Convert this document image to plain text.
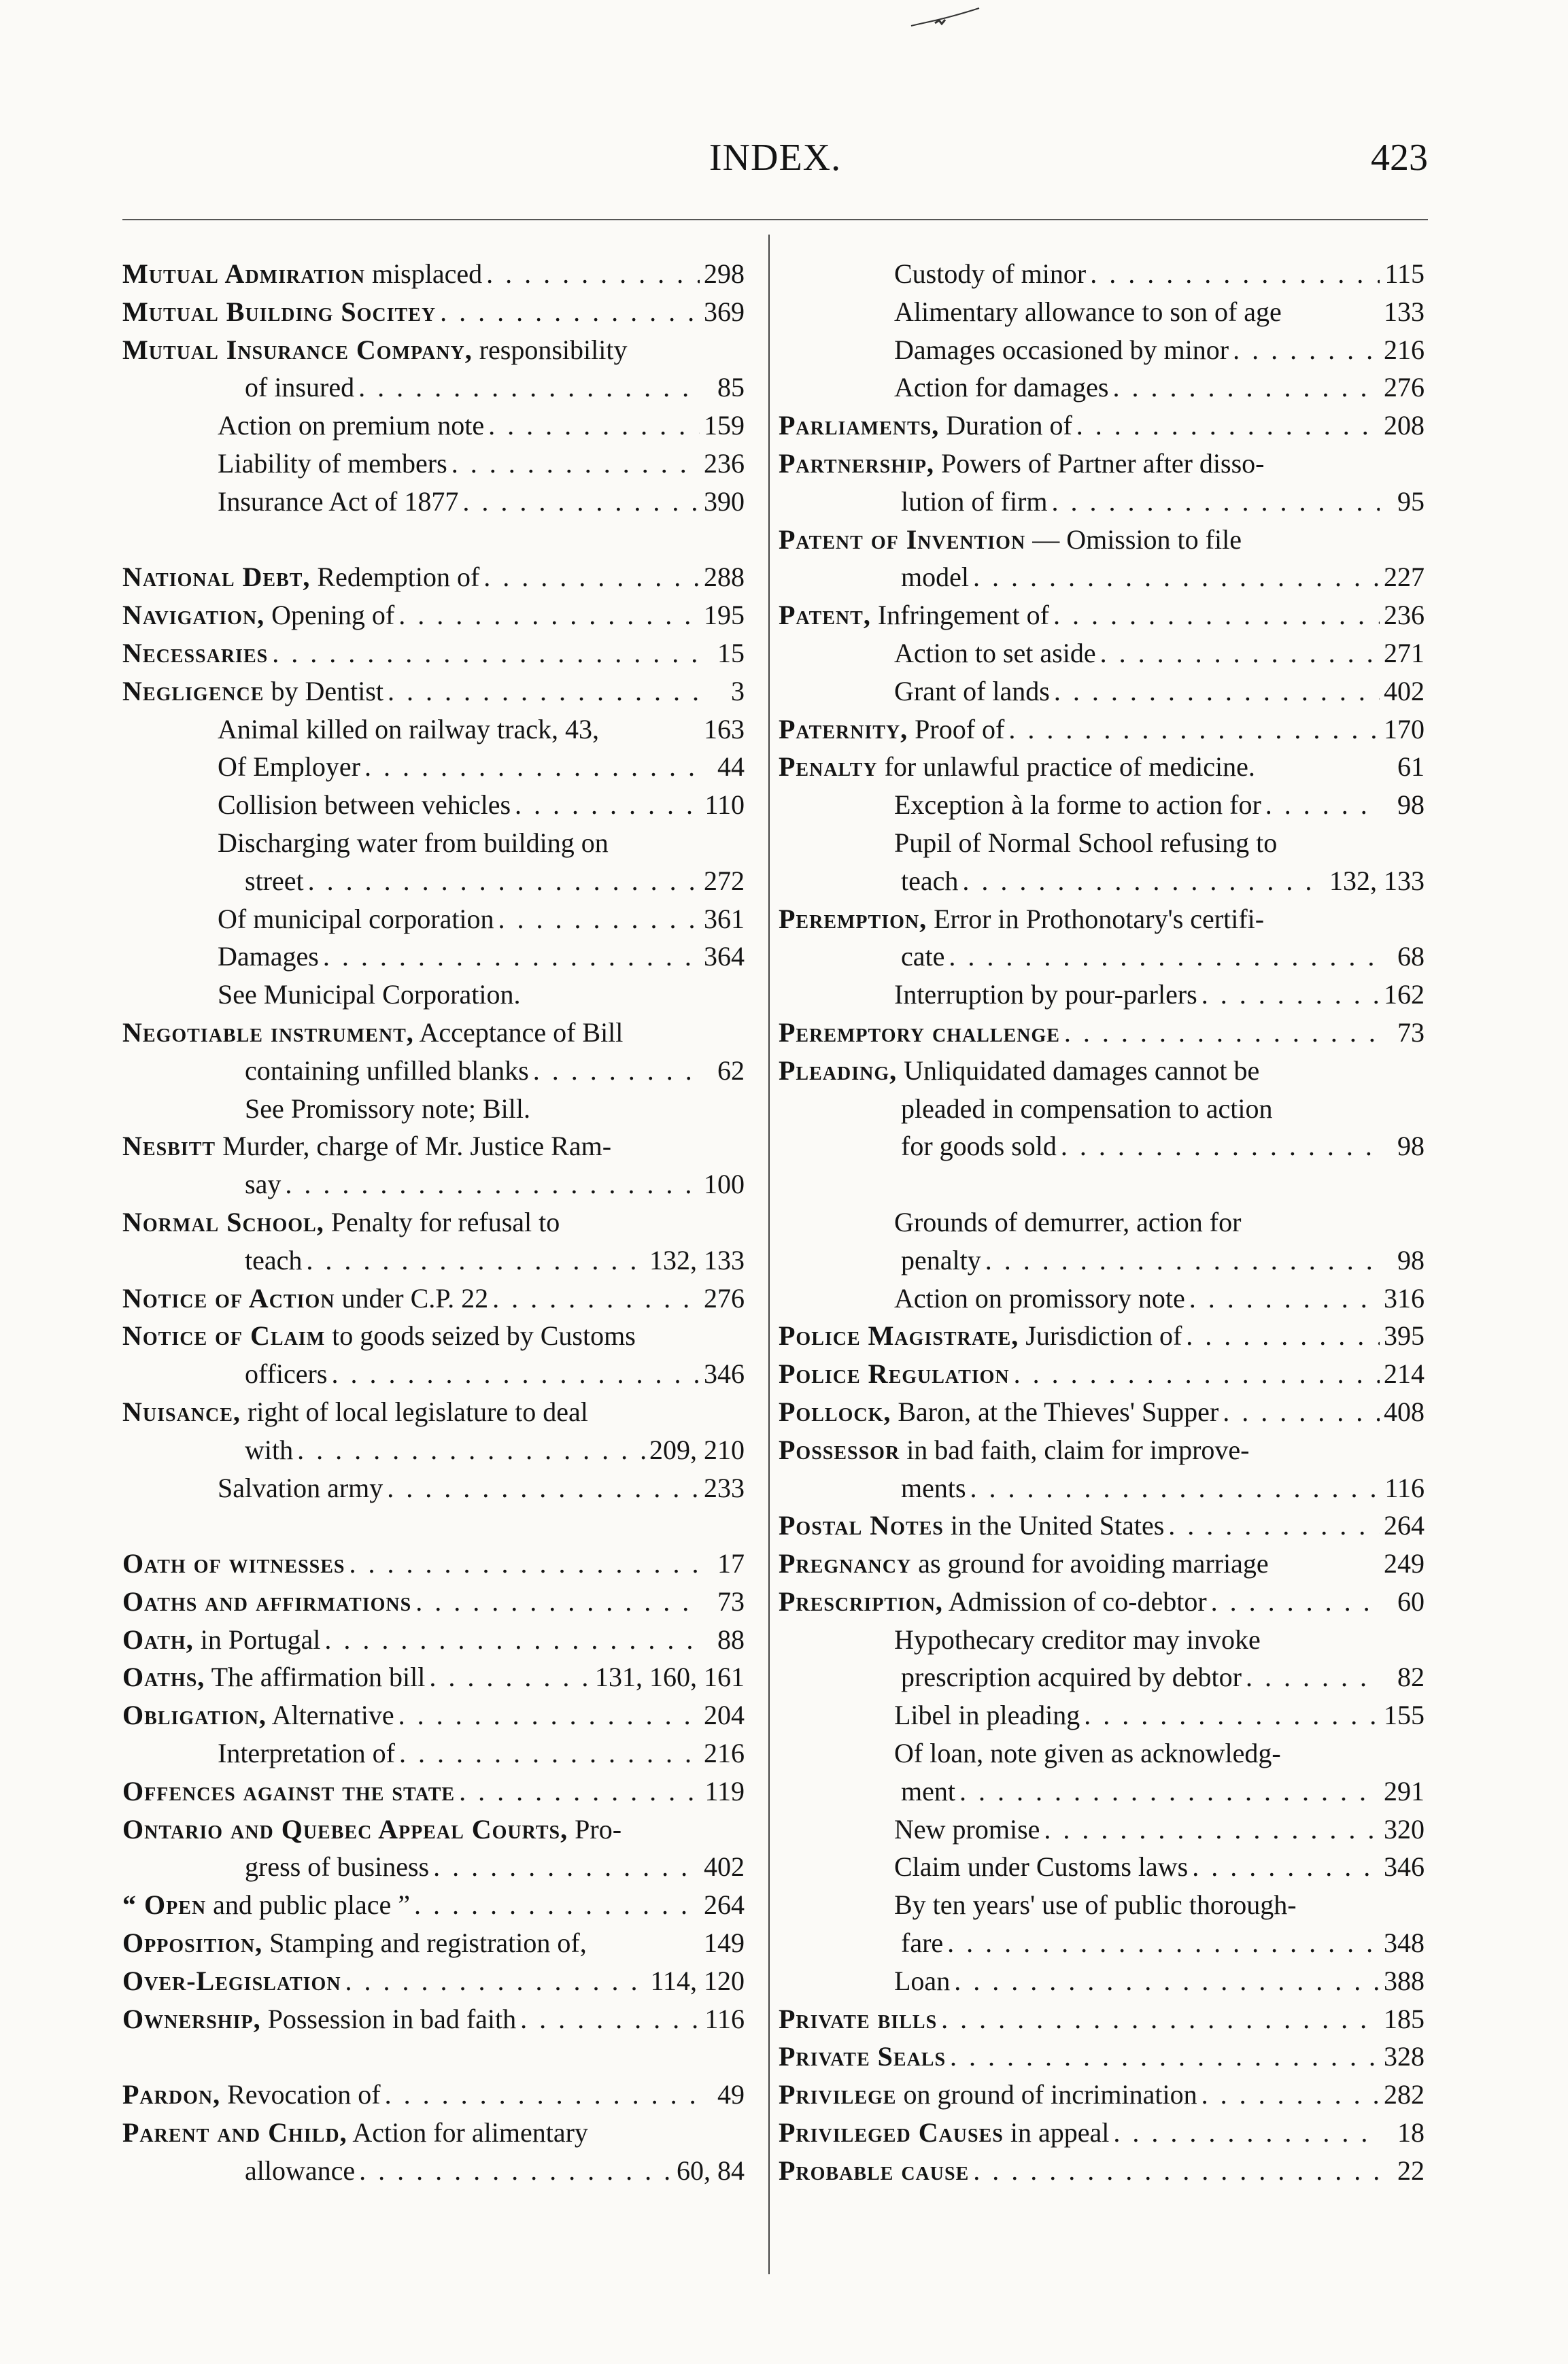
INDEX.	423
Mutual Admiration misplaced . . .	298
Mutual Building Sociтey . . .	369
Mutual Insurance Company, responsibility
of insured . . .	85
Action on premium note . . .	159
Liability of members . . .	236
Insurance Act of 1877 . . .	390
National Debt, Redemption of . . .	288
Navigation, Opening of . . .	195
Necessaries . . .	15
Negligence by Dentist . . .	3
Animal killed on railway track, 43,	163
Of Employer . . .	44
Collision between vehicles . . .	110
Discharging water from building on
street . . .	272
Of municipal corporation . . .	361
Damages . . .	364
See Municipal Corporation.
Negotiable instrument, Acceptance of Bill
containing unfilled blanks . . .	62
See Promissory note; Bill.
Nesbitt Murder, charge of Mr. Justice Ram-
say . . .	100
Normal School, Penalty for refusal to
teach . . .	132, 133
Notice of Action under C.P. 22 . . .	276
Notice of Claim to goods seized by Customs
officers . . .	346
Nuisance, right of local legislature to deal
with . . .	209, 210
Salvation army . . .	233
Oath of witnesses . . .	17
Oaths and affirmations . . .	73
Oath, in Portugal . . .	88
Oaths, The affirmation bill . . .	131, 160, 161
Obligation, Alternative . . .	204
Interpretation of . . .	216
Offences against the state . . .	119
Ontario and Quebec Appeal Courts, Pro-
gress of business . . .	402
“ Open and public place ” . . .	264
Opposition, Stamping and registration of,	149
Over-Legislation . . .	114, 120
Ownership, Possession in bad faith . . .	116
Pardon, Revocation of . . .	49
Parent and Child, Action for alimentary
allowance . . .	60, 84
Custody of minor . . .	115
Alimentary allowance to son of age	133
Damages occasioned by minor . . .	216
Action for damages . . .	276
Parliaments, Duration of . . .	208
Partnership, Powers of Partner after disso-
lution of firm . . .	95
Patent of Invention — Omission to file
model . . .	227
Patent, Infringement of . . .	236
Action to set aside . . .	271
Grant of lands . . .	402
Paternity, Proof of . . .	170
Penalty for unlawful practice of medicine.	61
Exception à la forme to action for . . .	98
Pupil of Normal School refusing to
teach . . .	132, 133
Peremption, Error in Prothonotary's certifi-
cate . . .	68
Interruption by pour-parlers . . .	162
Peremptory challenge . . .	73
Pleading, Unliquidated damages cannot be
pleaded in compensation to action
for goods sold . . .	98
Grounds of demurrer, action for
penalty . . .	98
Action on promissory note . . .	316
Police Magistrate, Jurisdiction of . . .	395
Police Regulation . . .	214
Pollock, Baron, at the Thieves' Supper . . .	408
Possessor in bad faith, claim for improve-
ments . . .	116
Postal Notes in the United States . . .	264
Pregnancy as ground for avoiding marriage	249
Prescription, Admission of co-debtor . . .	60
Hypothecary creditor may invoke
prescription acquired by debtor . . .	82
Libel in pleading . . .	155
Of loan, note given as acknowledg-
ment . . .	291
New promise . . .	320
Claim under Customs laws . . .	346
By ten years' use of public thorough-
fare . . .	348
Loan . . .	388
Private bills . . .	185
Private Seals . . .	328
Privilege on ground of incrimination . . .	282
Privileged Causes in appeal . . .	18
Probable cause . . .	22
